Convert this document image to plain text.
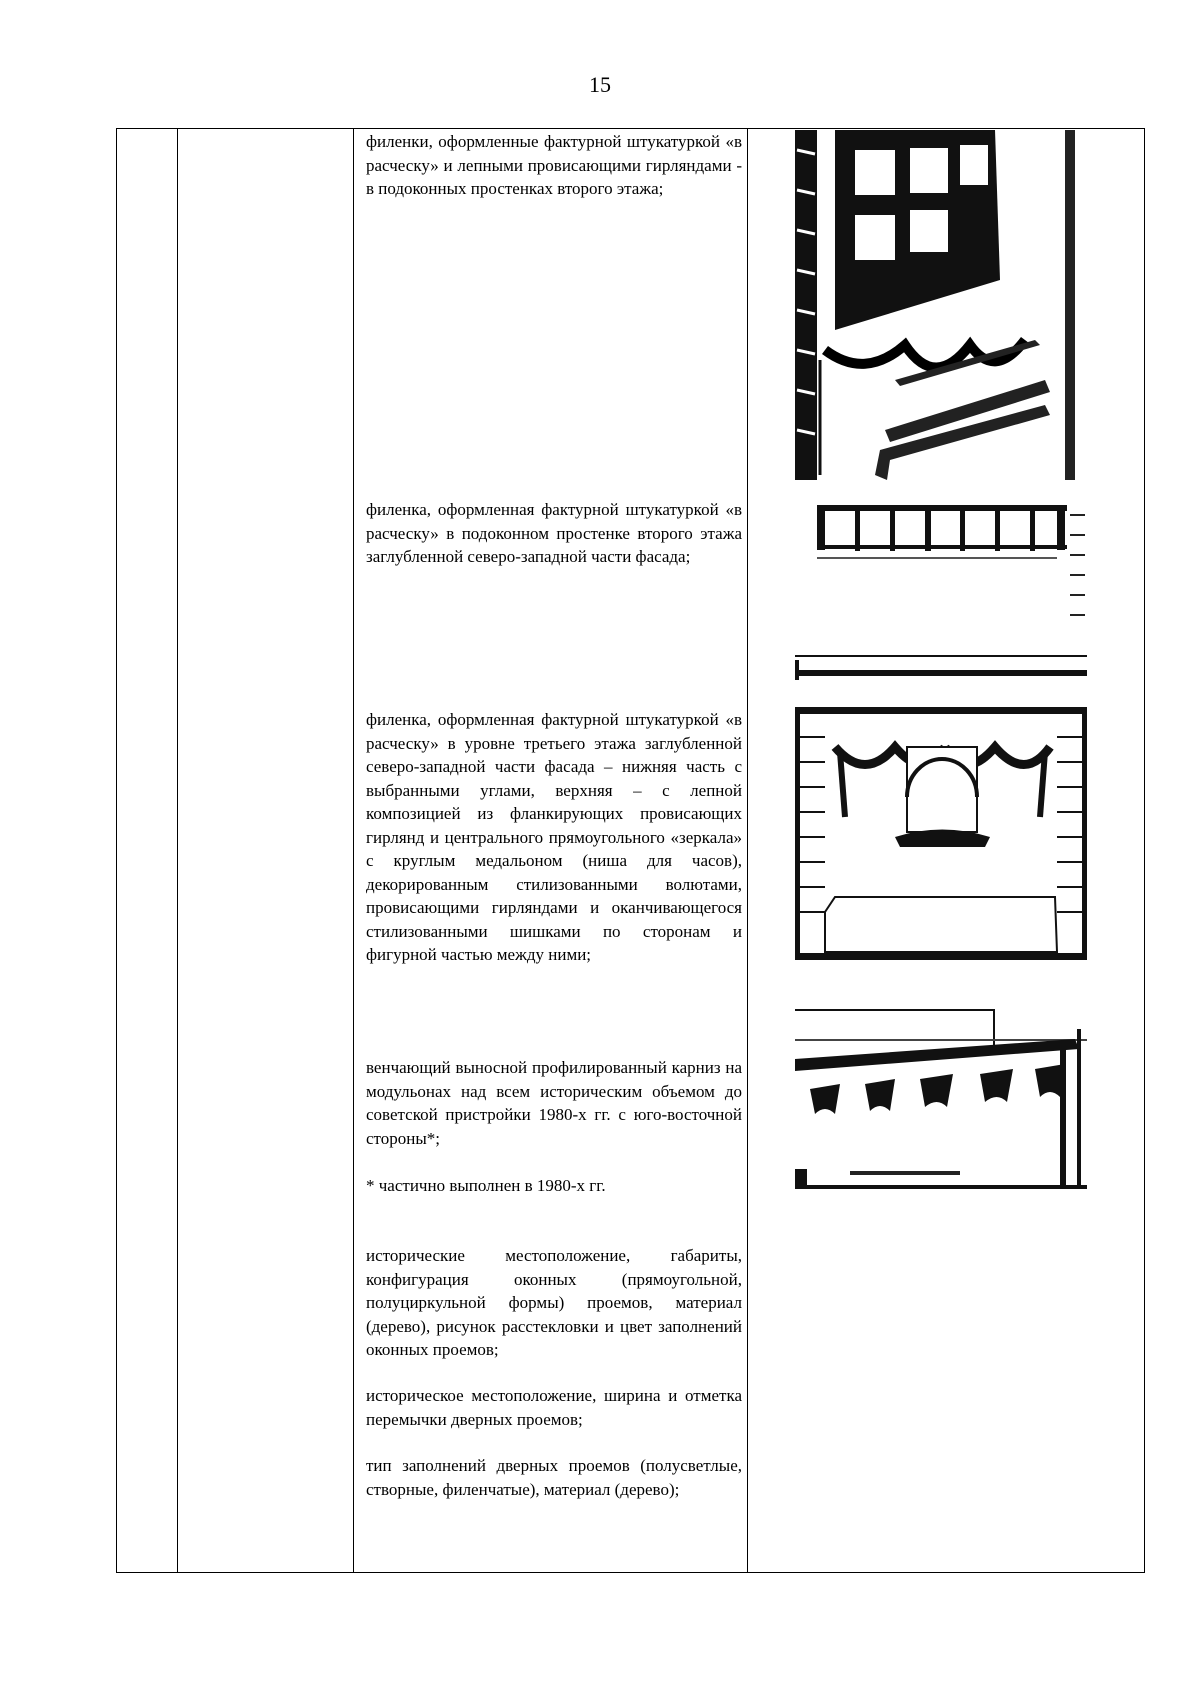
15
филенки, оформленные фактурной штукатуркой «в расческу» и лепными провисающими гирляндами - в подоконных простенках второго этажа;
филенка, оформленная фактурной штукатуркой «в расческу» в подоконном простенке второго этажа заглубленной северо-западной части фасада;
филенка, оформленная фактурной штукатуркой «в расческу» в уровне третьего этажа заглубленной северо-западной части фасада – нижняя часть с выбранными углами, верхняя – с лепной композицией из фланкирующих провисающих гирлянд и центрального прямоугольного «зеркала» с круглым медальоном (ниша для часов), декорированным стилизованными волютами, провисающими гирляндами и оканчивающегося стилизованными шишками по сторонам и фигурной частью между ними;
венчающий выносной профилированный карниз на модульонах над всем историческим объемом до советской пристройки 1980-х гг. с юго-восточной стороны*;
* частично выполнен в 1980-х гг.
исторические местоположение, габариты, конфигурация оконных (прямоугольной, полуциркульной формы) проемов, материал (дерево), рисунок расстекловки и цвет заполнений оконных проемов;
историческое местоположение, ширина и отметка перемычки дверных проемов;
тип заполнений дверных проемов (полусветлые, створные, филенчатые), материал (дерево);
